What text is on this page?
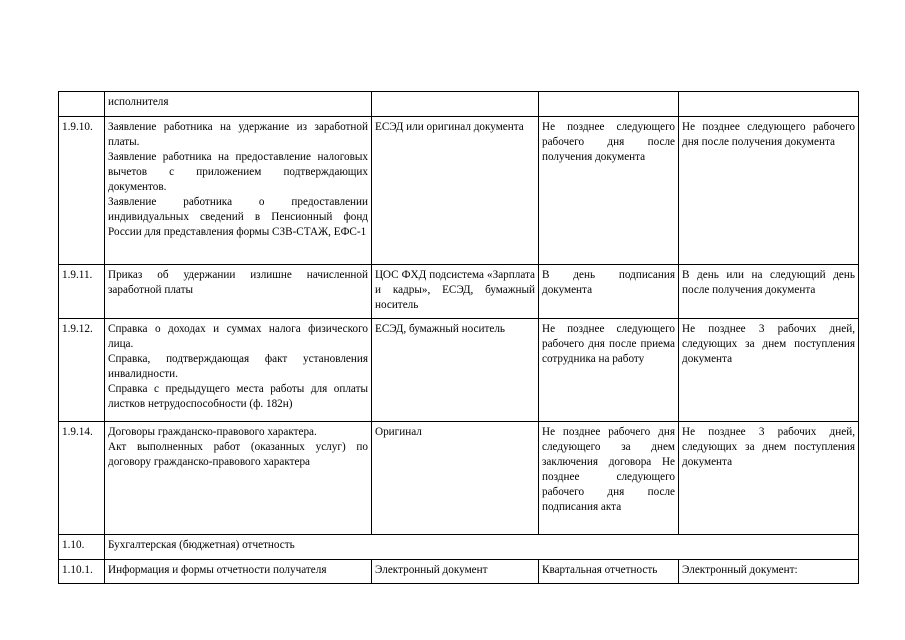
	исполнителя			

1.9.10.	Заявление работника на удержание из заработной платы.
Заявление работника на предоставление налоговых вычетов с приложением подтверждающих документов.
Заявление работника о предоставлении индивидуальных сведений в Пенсионный фонд России для представления формы СЗВ-СТАЖ, ЕФС-1	ЕСЭД или оригинал документа	Не позднее следующего рабочего дня после получения документа	Не позднее следующего рабочего дня после получения документа
1.9.11.	Приказ об удержании излишне начисленной заработной платы	ЦОС ФХД подсистема «Зарплата и кадры», ЕСЭД, бумажный носитель	В день подписания документа	В день или на следующий день после получения документа
1.9.12.	Справка о доходах и суммах налога физического лица.
Справка, подтверждающая факт установления инвалидности.
Справка с предыдущего места работы для оплаты листков нетрудоспособности (ф. 182н)	ЕСЭД, бумажный носитель	Не позднее следующего рабочего дня после приема сотрудника на работу	Не позднее 3 рабочих дней, следующих за днем поступления документа
1.9.14.	Договоры гражданско-правового характера.
Акт выполненных работ (оказанных услуг) по договору гражданско-правового характера	Оригинал	Не позднее рабочего дня следующего за днем заключения договора Не позднее следующего рабочего дня после подписания акта	Не позднее 3 рабочих дней, следующих за днем поступления документа
1.10.	Бухгалтерская (бюджетная) отчетность			
1.10.1.	Информация и формы отчетности получателя	Электронный документ	Квартальная отчетность	Электронный документ:
